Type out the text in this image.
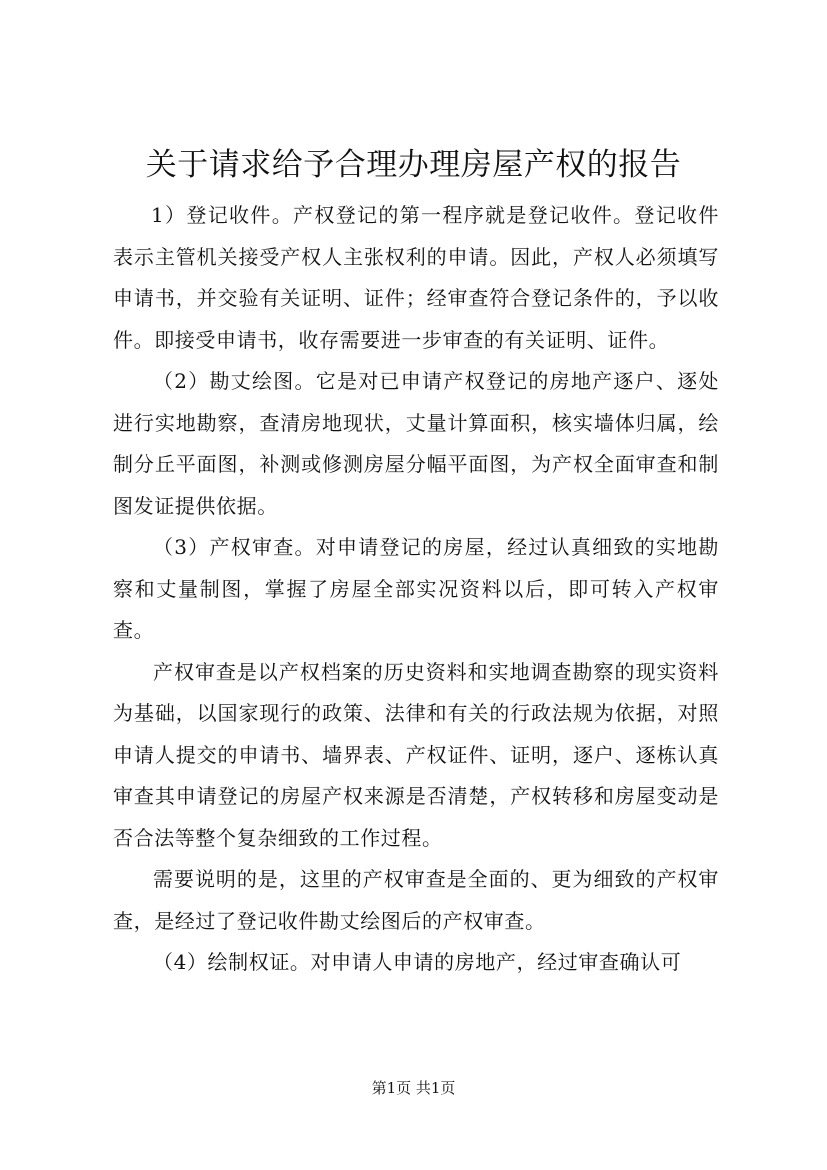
关于请求给予合理办理房屋产权的报告

1）登记收件。产权登记的第一程序就是登记收件。登记收件表示主管机关接受产权人主张权利的申请。因此，产权人必须填写申请书，并交验有关证明、证件；经审查符合登记条件的，予以收件。即接受申请书，收存需要进一步审查的有关证明、证件。

（2）勘丈绘图。它是对已申请产权登记的房地产逐户、逐处进行实地勘察，查清房地现状，丈量计算面积，核实墙体归属，绘制分丘平面图，补测或修测房屋分幅平面图，为产权全面审查和制图发证提供依据。

（3）产权审查。对申请登记的房屋，经过认真细致的实地勘察和丈量制图，掌握了房屋全部实况资料以后，即可转入产权审查。

产权审查是以产权档案的历史资料和实地调查勘察的现实资料为基础，以国家现行的政策、法律和有关的行政法规为依据，对照申请人提交的申请书、墙界表、产权证件、证明，逐户、逐栋认真审查其申请登记的房屋产权来源是否清楚，产权转移和房屋变动是否合法等整个复杂细致的工作过程。

需要说明的是，这里的产权审查是全面的、更为细致的产权审查，是经过了登记收件勘丈绘图后的产权审查。

（4）绘制权证。对申请人申请的房地产，经过审查确认可

第1页 共1页
